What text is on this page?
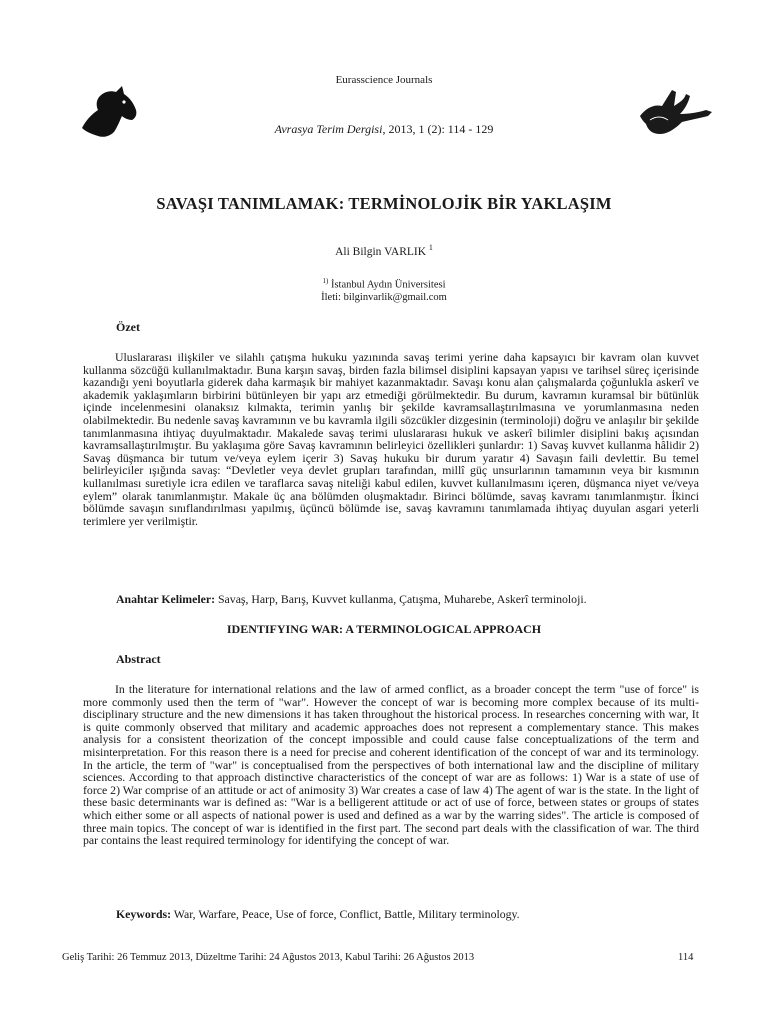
Eurasscience Journals
Avrasya Terim Dergisi, 2013, 1 (2): 114 - 129
SAVAŞI TANIMLAMAK: TERMİNOLOJİK BİR YAKLAŞIM
Ali Bilgin VARLIK $^1$
$^{1)}$ İstanbul Aydın Üniversitesi
İleti: bilginvarlik@gmail.com
Özet
Uluslararası ilişkiler ve silahlı çatışma hukuku yazınında savaş terimi yerine daha kapsayıcı bir kavram olan kuvvet kullanma sözcüğü kullanılmaktadır. Buna karşın savaş, birden fazla bilimsel disiplini kapsayan yapısı ve tarihsel süreç içerisinde kazandığı yeni boyutlarla giderek daha karmaşık bir mahiyet kazanmaktadır. Savaşı konu alan çalışmalarda çoğunlukla askerî ve akademik yaklaşımların birbirini bütünleyen bir yapı arz etmediği görülmektedir. Bu durum, kavramın kuramsal bir bütünlük içinde incelenmesini olanaksız kılmakta, terimin yanlış bir şekilde kavramsallaştırılmasına ve yorumlanmasına neden olabilmektedir. Bu nedenle savaş kavramının ve bu kavramla ilgili sözcükler dizgesinin (terminoloji) doğru ve anlaşılır bir şekilde tanımlanmasına ihtiyaç duyulmaktadır. Makalede savaş terimi uluslararası hukuk ve askerî bilimler disiplini bakış açısından kavramsallaştırılmıştır. Bu yaklaşıma göre Savaş kavramının belirleyici özellikleri şunlardır: 1) Savaş kuvvet kullanma hâlidir 2) Savaş düşmanca bir tutum ve/veya eylem içerir 3) Savaş hukuku bir durum yaratır 4) Savaşın faili devlettir. Bu temel belirleyiciler ışığında savaş: “Devletler veya devlet grupları tarafından, millî güç unsurlarının tamamının veya bir kısmının kullanılması suretiyle icra edilen ve taraflarca savaş niteliği kabul edilen, kuvvet kullanılmasını içeren, düşmanca niyet ve/veya eylem” olarak tanımlanmıştır. Makale üç ana bölümden oluşmaktadır. Birinci bölümde, savaş kavramı tanımlanmıştır. İkinci bölümde savaşın sınıflandırılması yapılmış, üçüncü bölümde ise, savaş kavramını tanımlamada ihtiyaç duyulan asgari yeterli terimlere yer verilmiştir.
Anahtar Kelimeler: Savaş, Harp, Barış, Kuvvet kullanma, Çatışma, Muharebe, Askerî terminoloji.
IDENTIFYING WAR: A TERMINOLOGICAL APPROACH
Abstract
In the literature for international relations and the law of armed conflict, as a broader concept the term "use of force" is more commonly used then the term of "war". However the concept of war is becoming more complex because of its multi-disciplinary structure and the new dimensions it has taken throughout the historical process. In researches concerning with war, It is quite commonly observed that military and academic approaches does not represent a complementary stance. This makes analysis for a consistent theorization of the concept impossible and could cause false conceptualizations of the term and misinterpretation. For this reason there is a need for precise and coherent identification of the concept of war and its terminology. In the article, the term of "war" is conceptualised from the perspectives of both international law and the discipline of military sciences. According to that approach distinctive characteristics of the concept of war are as follows: 1) War is a state of use of force 2) War comprise of an attitude or act of animosity 3) War creates a case of law 4) The agent of war is the state. In the light of these basic determinants war is defined as: "War is a belligerent attitude or act of use of force, between states or groups of states which either some or all aspects of national power is used and defined as a war by the warring sides". The article is composed of three main topics. The concept of war is identified in the first part. The second part deals with the classification of war. The third par contains the least required terminology for identifying the concept of war.
Keywords: War, Warfare, Peace, Use of force, Conflict, Battle, Military terminology.
Geliş Tarihi: 26 Temmuz 2013, Düzeltme Tarihi: 24 Ağustos 2013, Kabul Tarihi: 26 Ağustos 2013	114
